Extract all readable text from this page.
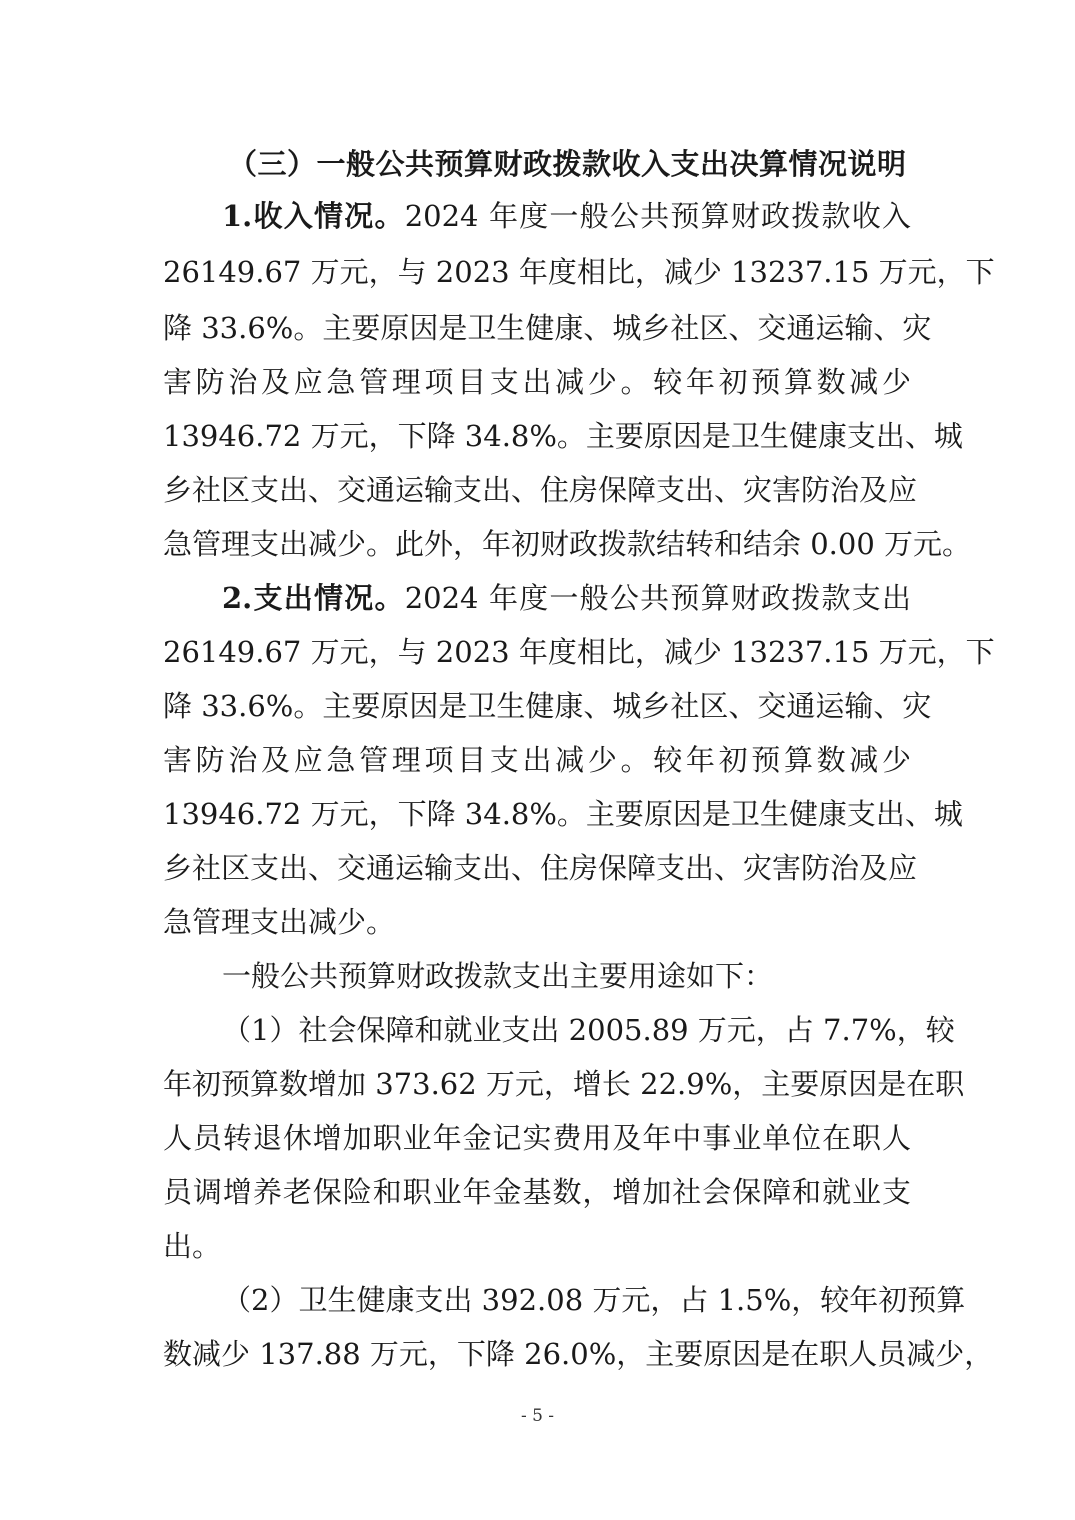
（三）一般公共预算财政拨款收入支出决算情况说明
1.收入情况。2024 年度一般公共预算财政拨款收入
26149.67 万元，与 2023 年度相比，减少 13237.15 万元，下
降 33.6%。主要原因是卫生健康、城乡社区、交通运输、灾
害防治及应急管理项目支出减少。较年初预算数减少
13946.72 万元，下降 34.8%。主要原因是卫生健康支出、城
乡社区支出、交通运输支出、住房保障支出、灾害防治及应
急管理支出减少。此外，年初财政拨款结转和结余 0.00 万元。
2.支出情况。2024 年度一般公共预算财政拨款支出
26149.67 万元，与 2023 年度相比，减少 13237.15 万元，下
降 33.6%。主要原因是卫生健康、城乡社区、交通运输、灾
害防治及应急管理项目支出减少。较年初预算数减少
13946.72 万元，下降 34.8%。主要原因是卫生健康支出、城
乡社区支出、交通运输支出、住房保障支出、灾害防治及应
急管理支出减少。
一般公共预算财政拨款支出主要用途如下：
（1）社会保障和就业支出 2005.89 万元，占 7.7%，较
年初预算数增加 373.62 万元，增长 22.9%，主要原因是在职
人员转退休增加职业年金记实费用及年中事业单位在职人
员调增养老保险和职业年金基数，增加社会保障和就业支
出。
（2）卫生健康支出 392.08 万元，占 1.5%，较年初预算
数减少 137.88 万元，下降 26.0%，主要原因是在职人员减少，
- 5 -
